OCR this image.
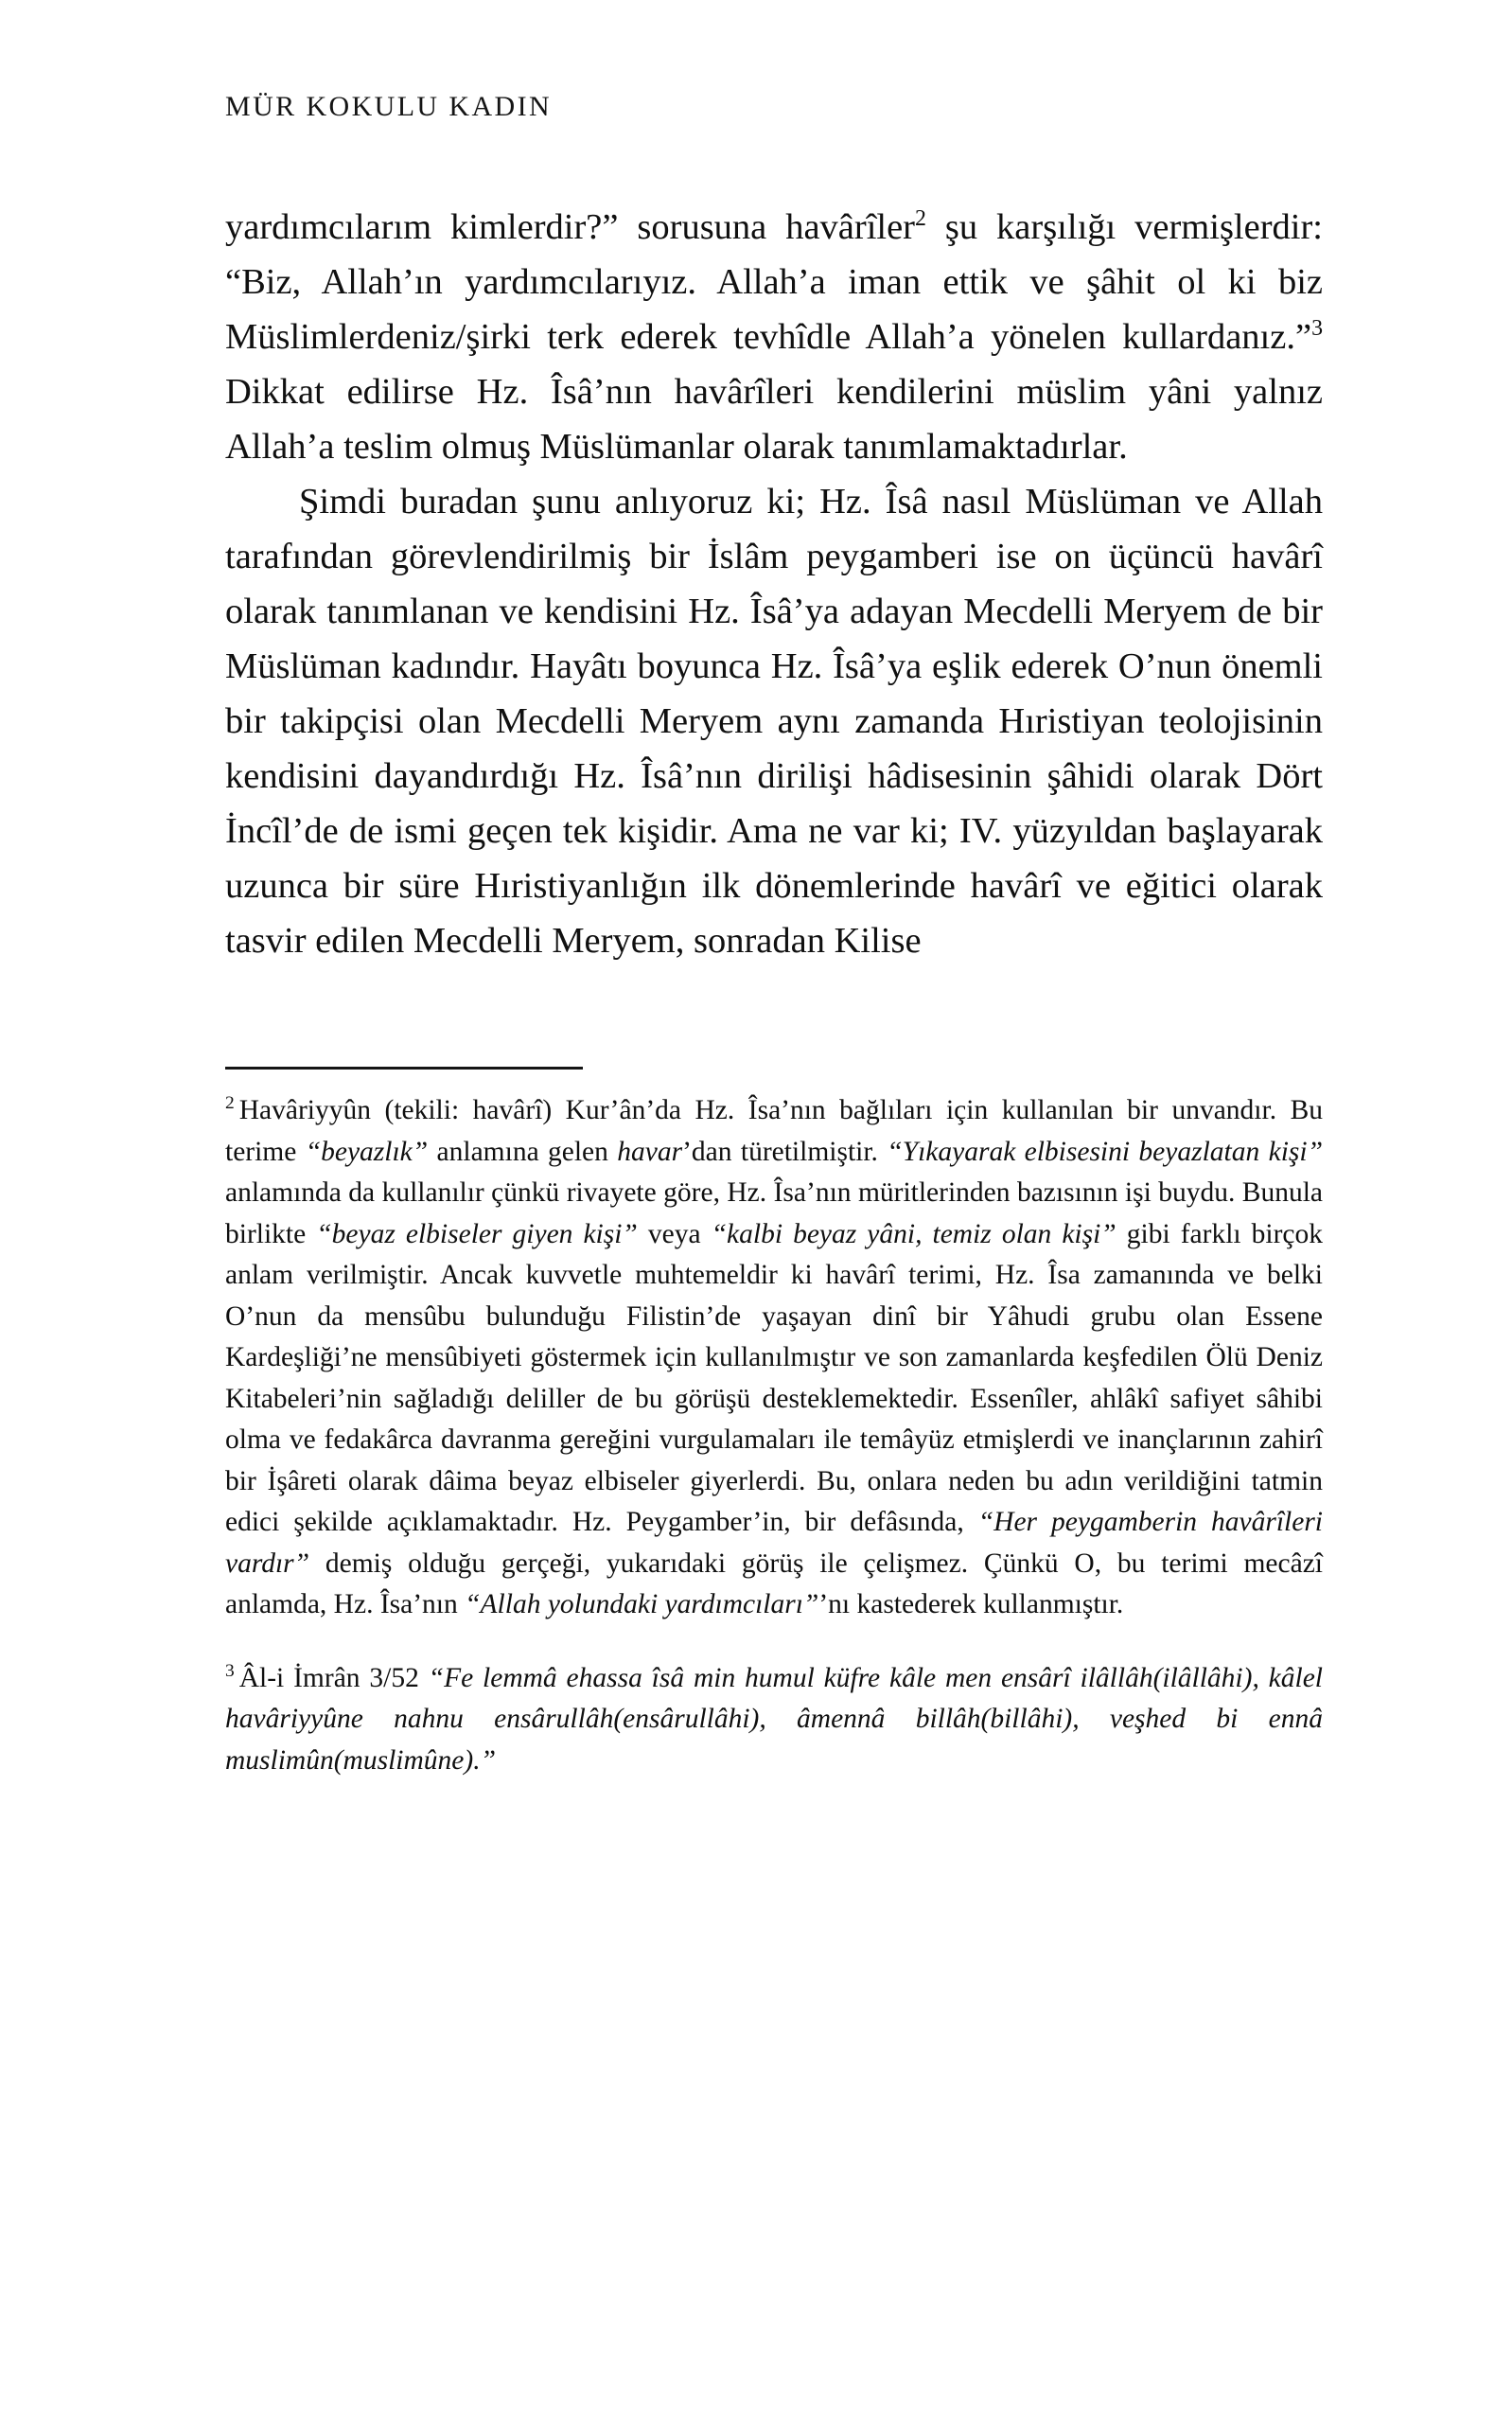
MÜR KOKULU KADIN

yardımcılarım kimlerdir?” sorusuna havârîler$^2$ şu karşılığı vermişlerdir: “Biz, Allah’ın yardımcılarıyız. Allah’a iman ettik ve şâhit ol ki biz Müslimlerdeniz/şirki terk ederek tevhîdle Allah’a yönelen kullardanız.”$^3$ Dikkat edilirse Hz. Îsâ’nın havârîleri kendilerini müslim yâni yalnız Allah’a teslim olmuş Müslümanlar olarak tanımlamaktadırlar.

Şimdi buradan şunu anlıyoruz ki; Hz. Îsâ nasıl Müslüman ve Allah tarafından görevlendirilmiş bir İslâm peygamberi ise on üçüncü havârî olarak tanımlanan ve kendisini Hz. Îsâ’ya adayan Mecdelli Meryem de bir Müslüman kadındır. Hayâtı boyunca Hz. Îsâ’ya eşlik ederek O’nun önemli bir takipçisi olan Mecdelli Meryem aynı zamanda Hıristiyan teolojisinin kendisini dayandırdığı Hz. Îsâ’nın dirilişi hâdisesinin şâhidi olarak Dört İncîl’de de ismi geçen tek kişidir. Ama ne var ki; IV. yüzyıldan başlayarak uzunca bir süre Hıristiyanlığın ilk dönemlerinde havârî ve eğitici olarak tasvir edilen Mecdelli Meryem, sonradan Kilise

$^2$ Havâriyyûn (tekili: havârî) Kur’ân’da Hz. Îsa’nın bağlıları için kullanılan bir unvandır. Bu terime “beyazlık” anlamına gelen havar’dan türetilmiştir. “Yıkayarak elbisesini beyazlatan kişi” anlamında da kullanılır çünkü rivayete göre, Hz. Îsa’nın müritlerinden bazısının işi buydu. Bunula birlikte “beyaz elbiseler giyen kişi” veya “kalbi beyaz yâni, temiz olan kişi” gibi farklı birçok anlam verilmiştir. Ancak kuvvetle muhtemeldir ki havârî terimi, Hz. Îsa zamanında ve belki O’nun da mensûbu bulunduğu Filistin’de yaşayan dinî bir Yâhudi grubu olan Essene Kardeşliği’ne mensûbiyeti göstermek için kullanılmıştır ve son zamanlarda keşfedilen Ölü Deniz Kitabeleri’nin sağladığı deliller de bu görüşü desteklemektedir. Essenîler, ahlâkî safiyet sâhibi olma ve fedakârca davranma gereğini vurgulamaları ile temâyüz etmişlerdi ve inançlarının zahirî bir İşâreti olarak dâima beyaz elbiseler giyerlerdi. Bu, onlara neden bu adın verildiğini tatmin edici şekilde açıklamaktadır. Hz. Peygamber’in, bir defâsında, “Her peygamberin havârîleri vardır” demiş olduğu gerçeği, yukarıdaki görüş ile çelişmez. Çünkü O, bu terimi mecâzî anlamda, Hz. Îsa’nın “Allah yolundaki yardımcıları”’nı kastederek kullanmıştır.

$^3$ Âl-i İmrân 3/52 “Fe lemmâ ehassa îsâ min humul küfre kâle men ensârî ilâllâh(ilâllâhi), kâlel havâriyyûne nahnu ensârullâh(ensârullâhi), âmennâ billâh(billâhi), veşhed bi ennâ muslimûn(muslimûne).”
